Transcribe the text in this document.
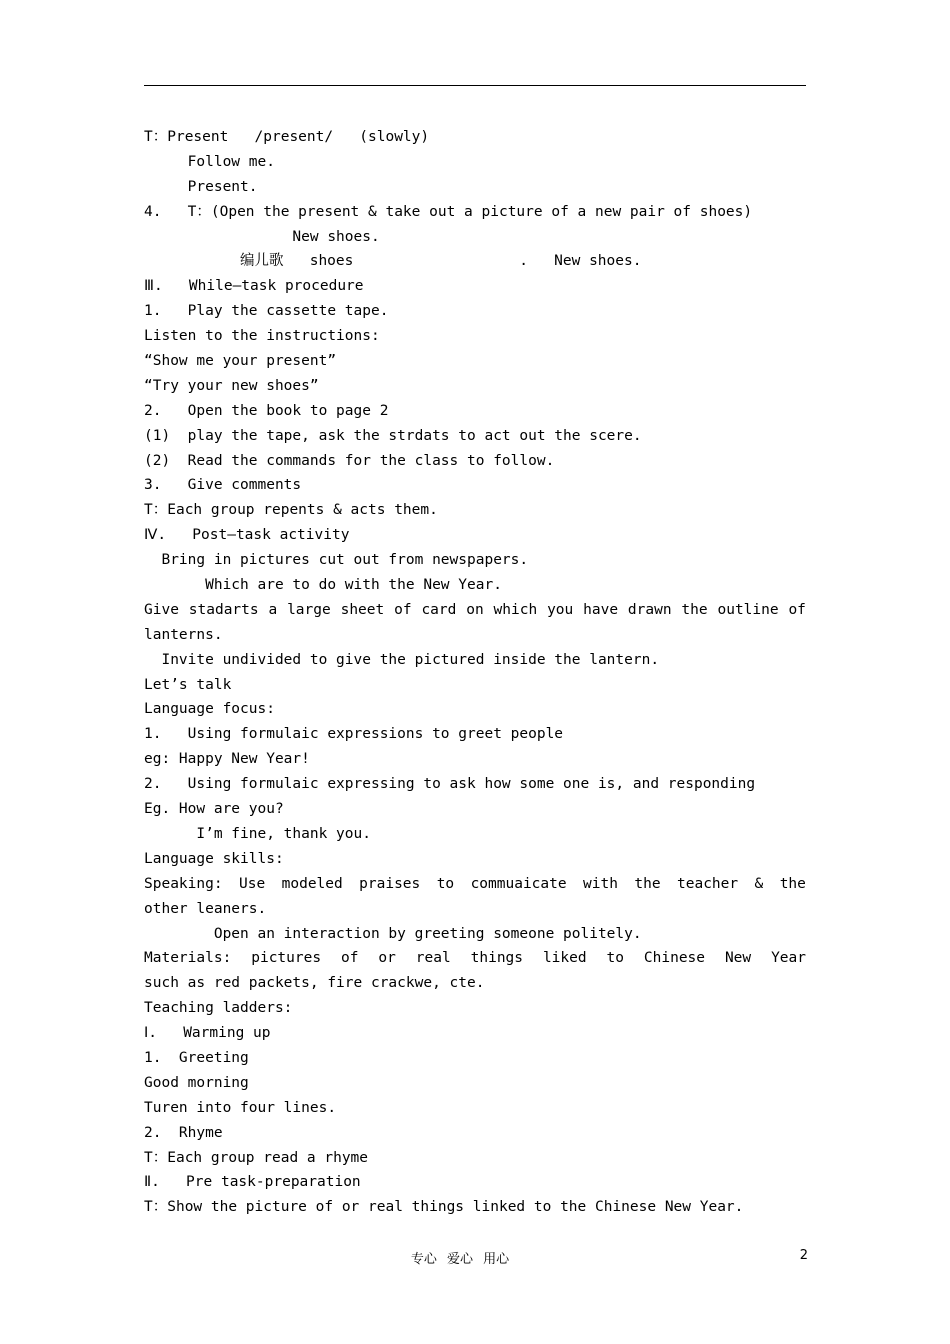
T：Present   /present/   (slowly)
Follow me.
Present.
4.   T：(Open the present & take out a picture of a new pair of shoes)
New shoes.
编儿歌   shoes                   .   New shoes.
Ⅲ.   While—task procedure
1.   Play the cassette tape.
Listen to the instructions:
“Show me your present”
“Try your new shoes”
2.   Open the book to page 2
(1)  play the tape, ask the strdats to act out the scere.
(2)  Read the commands for the class to follow.
3.   Give comments
T：Each group repents & acts them.
Ⅳ.   Post—task activity
Bring in pictures cut out from newspapers.
Which are to do with the New Year.
Give stadarts a large sheet of card on which you have drawn the outline of
lanterns.
Invite undivided to give the pictured inside the lantern.
Let’s talk
Language focus:
1.   Using formulaic expressions to greet people
eg: Happy New Year!
2.   Using formulaic expressing to ask how some one is, and responding
Eg. How are you?
I’m fine, thank you.
Language skills:
Speaking: Use modeled praises to commuaicate with the teacher & the
other leaners.
Open an interaction by greeting someone politely.
Materials: pictures of or real things liked to Chinese New Year
such as red packets, fire crackwe, cte.
Teaching ladders:
Ⅰ.   Warming up
1.  Greeting
Good morning
Turen into four lines.
2.  Rhyme
T：Each group read a rhyme
Ⅱ.   Pre task-preparation
T：Show the picture of or real things linked to the Chinese New Year.
专心 爱心 用心	2
